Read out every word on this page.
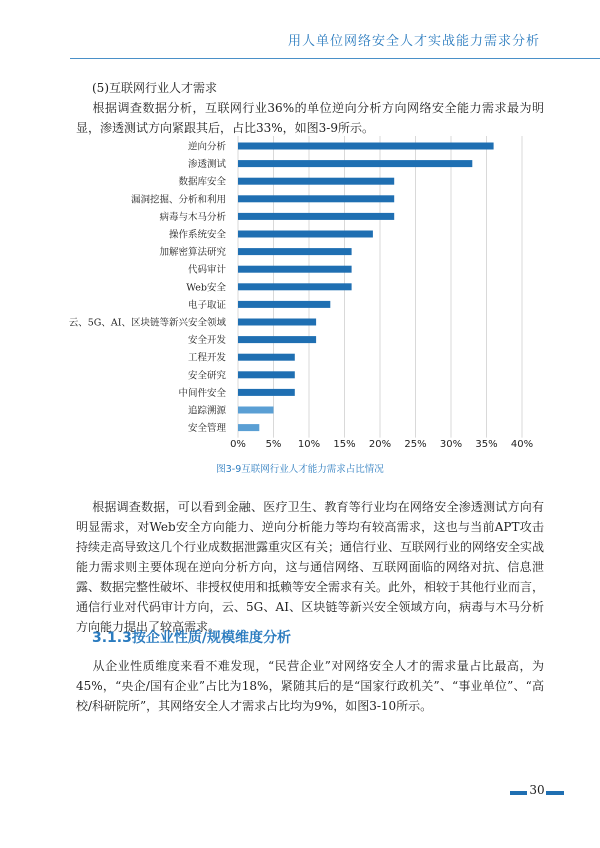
用人单位网络安全人才实战能力需求分析
(5)互联网行业人才需求
根据调查数据分析，互联网行业36%的单位逆向分析方向网络安全能力需求最为明显，渗透测试方向紧跟其后，占比33%，如图3-9所示。
逆向分析
渗透测试
数据库安全
漏洞挖掘、分析和利用
病毒与木马分析
操作系统安全
加解密算法研究
代码审计
Web安全
电子取证
云、5G、AI、区块链等新兴安全领域
安全开发
工程开发
安全研究
中间件安全
追踪溯源
安全管理
0% 5% 10% 15% 20% 25% 30% 35% 40%
图3-9互联网行业人才能力需求占比情况
根据调查数据，可以看到金融、医疗卫生、教育等行业均在网络安全渗透测试方向有明显需求，对Web安全方向能力、逆向分析能力等均有较高需求，这也与当前APT攻击持续走高导致这几个行业成数据泄露重灾区有关；通信行业、互联网行业的网络安全实战能力需求则主要体现在逆向分析方向，这与通信网络、互联网面临的网络对抗、信息泄露、数据完整性破坏、非授权使用和抵赖等安全需求有关。此外，相较于其他行业而言，通信行业对代码审计方向，云、5G、AI、区块链等新兴安全领域方向，病毒与木马分析方向能力提出了较高需求。
3.1.3按企业性质/规模维度分析
从企业性质维度来看不难发现，“民营企业”对网络安全人才的需求量占比最高，为45%，“央企/国有企业”占比为18%，紧随其后的是“国家行政机关”、“事业单位”、“高校/科研院所”，其网络安全人才需求占比均为9%，如图3-10所示。
30
